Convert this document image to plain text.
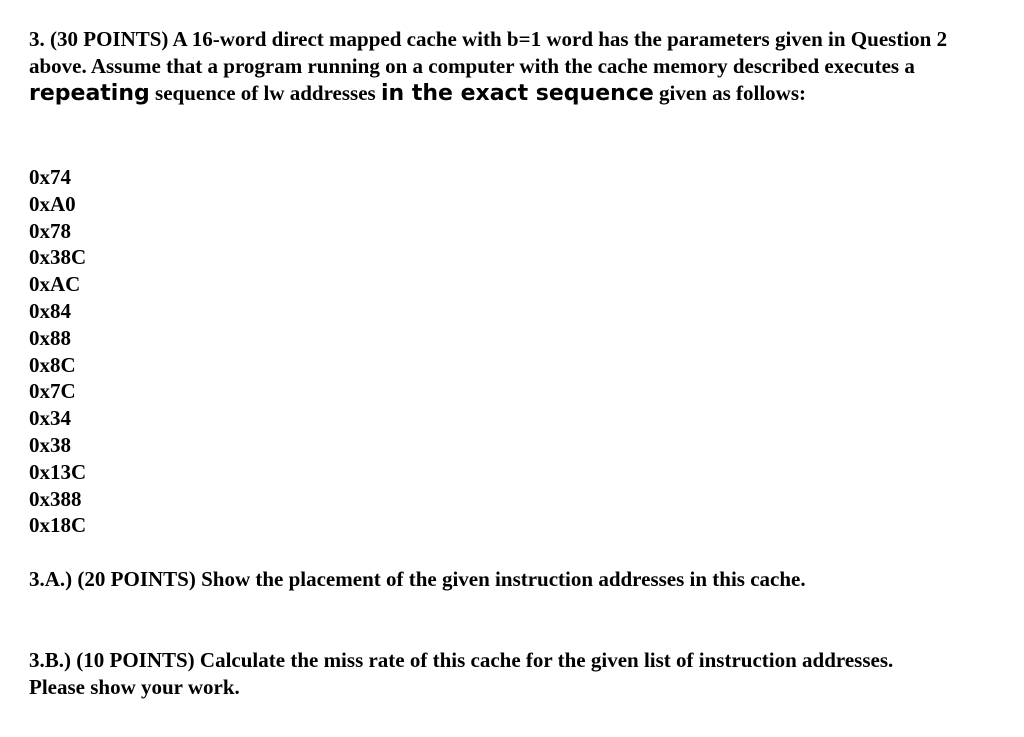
3. (30 POINTS) A 16-word direct mapped cache with b=1 word has the parameters given in Question 2 above. Assume that a program running on a computer with the cache memory described executes a repeating sequence of lw addresses in the exact sequence given as follows:

0x74
0xA0
0x78
0x38C
0xAC
0x84
0x88
0x8C
0x7C
0x34
0x38
0x13C
0x388
0x18C

3.A.) (20 POINTS) Show the placement of the given instruction addresses in this cache.

3.B.) (10 POINTS) Calculate the miss rate of this cache for the given list of instruction addresses. Please show your work.
